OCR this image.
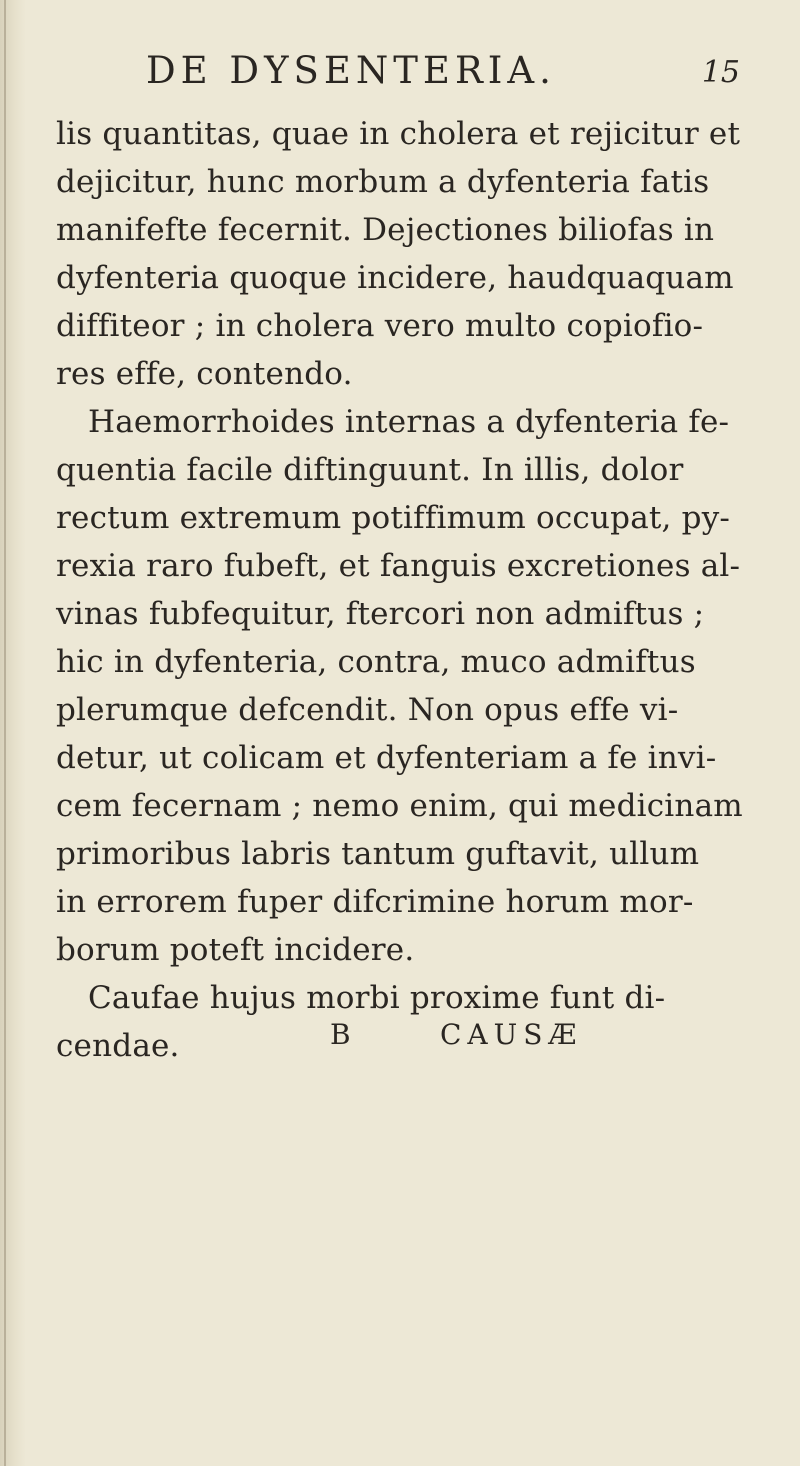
DE DYSENTERIA.	15
lis quantitas, quae in cholera et rejicitur et
dejicitur, hunc morbum a dyfenteria fatis
manifefte fecernit. Dejectiones biliofas in
dyfenteria quoque incidere, haudquaquam
diffiteor ; in cholera vero multo copiofio-
res effe, contendo.
Haemorrhoides internas a dyfenteria fe-
quentia facile diftinguunt. In illis, dolor
rectum extremum potiffimum occupat, py-
rexia raro fubeft, et fanguis excretiones al-
vinas fubfequitur, ftercori non admiftus ;
hic in dyfenteria, contra, muco admiftus
plerumque defcendit. Non opus effe vi-
detur, ut colicam et dyfenteriam a fe invi-
cem fecernam ; nemo enim, qui medicinam
primoribus labris tantum guftavit, ullum
in errorem fuper difcrimine horum mor-
borum poteft incidere.
Caufae hujus morbi proxime funt di-
cendae.	B	CAUSÆ
